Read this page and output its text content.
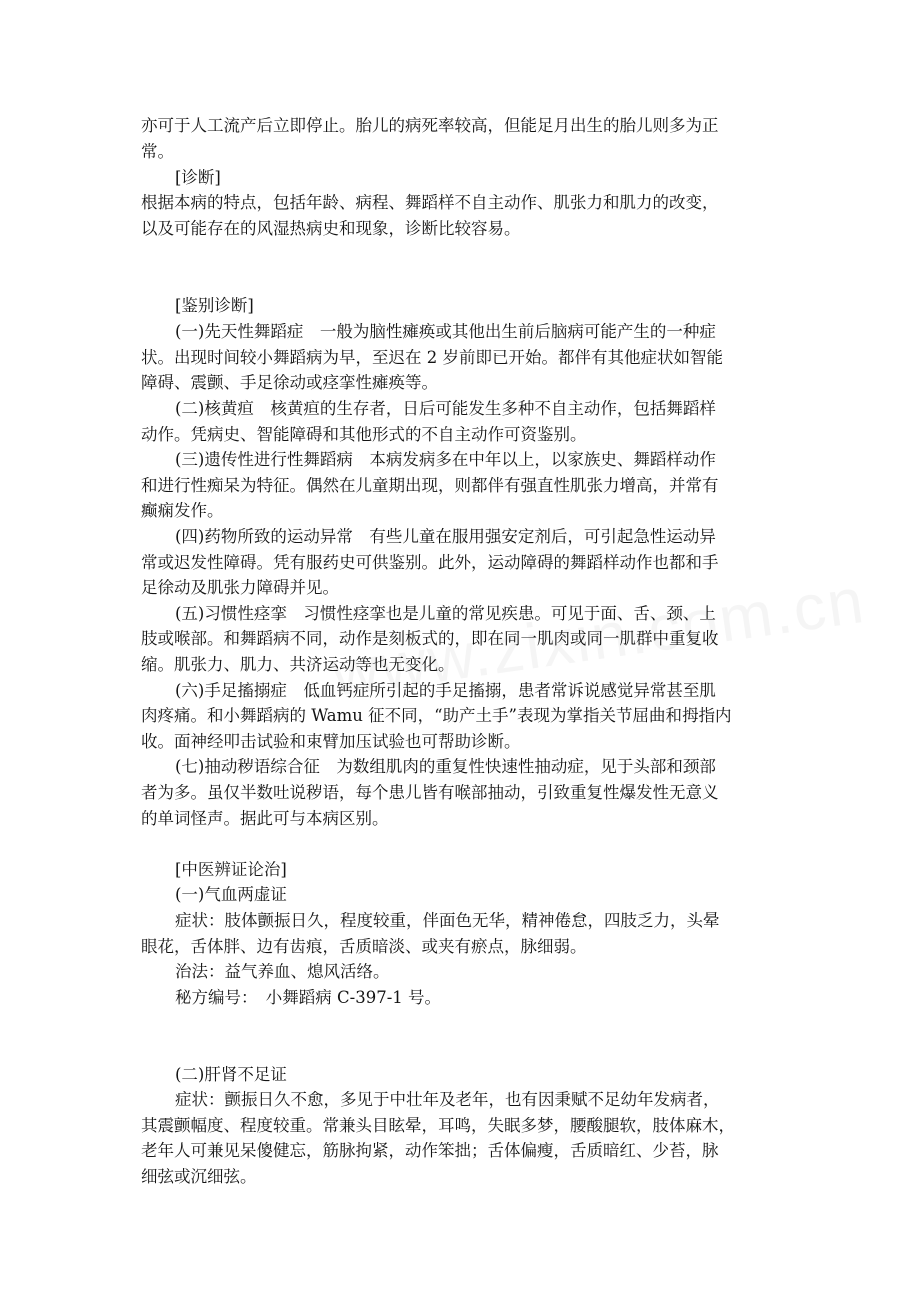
亦可于人工流产后立即停止。胎儿的病死率较高，但能足月出生的胎儿则多为正
常。
[诊断]
根据本病的特点，包括年龄、病程、舞蹈样不自主动作、肌张力和肌力的改变，
以及可能存在的风湿热病史和现象，诊断比较容易。
[鉴别诊断]
(一)先天性舞蹈症　一般为脑性瘫痪或其他出生前后脑病可能产生的一种症
状。出现时间较小舞蹈病为早，至迟在 2 岁前即已开始。都伴有其他症状如智能
障碍、震颤、手足徐动或痉挛性瘫痪等。
(二)核黄疸　核黄疸的生存者，日后可能发生多种不自主动作，包括舞蹈样
动作。凭病史、智能障碍和其他形式的不自主动作可资鉴别。
(三)遗传性进行性舞蹈病　本病发病多在中年以上，以家族史、舞蹈样动作
和进行性痴呆为特征。偶然在儿童期出现，则都伴有强直性肌张力增高，并常有
癫痫发作。
(四)药物所致的运动异常　有些儿童在服用强安定剂后，可引起急性运动异
常或迟发性障碍。凭有服药史可供鉴别。此外，运动障碍的舞蹈样动作也都和手
足徐动及肌张力障碍并见。
(五)习惯性痉挛　习惯性痉挛也是儿童的常见疾患。可见于面、舌、颈、上
肢或喉部。和舞蹈病不同，动作是刻板式的，即在同一肌肉或同一肌群中重复收
缩。肌张力、肌力、共济运动等也无变化。
(六)手足搐搦症　低血钙症所引起的手足搐搦，患者常诉说感觉异常甚至肌
肉疼痛。和小舞蹈病的 Wamu 征不同，“助产土手”表现为掌指关节屈曲和拇指内
收。面神经叩击试验和束臂加压试验也可帮助诊断。
(七)抽动秽语综合征　为数组肌肉的重复性快速性抽动症，见于头部和颈部
者为多。虽仅半数吐说秽语，每个患儿皆有喉部抽动，引致重复性爆发性无意义
的单词怪声。据此可与本病区别。
[中医辨证论治]
(一)气血两虚证
症状：肢体颤振日久，程度较重，伴面色无华，精神倦怠，四肢乏力，头晕
眼花，舌体胖、边有齿痕，舌质暗淡、或夹有瘀点，脉细弱。
治法：益气养血、熄风活络。
秘方编号：　小舞蹈病 C-397-1 号。
(二)肝肾不足证
症状：颤振日久不愈，多见于中壮年及老年，也有因秉赋不足幼年发病者，
其震颤幅度、程度较重。常兼头目眩晕，耳鸣，失眠多梦，腰酸腿软，肢体麻木，
老年人可兼见呆傻健忘，筋脉拘紧，动作笨拙；舌体偏瘦，舌质暗红、少苔，脉
细弦或沉细弦。
